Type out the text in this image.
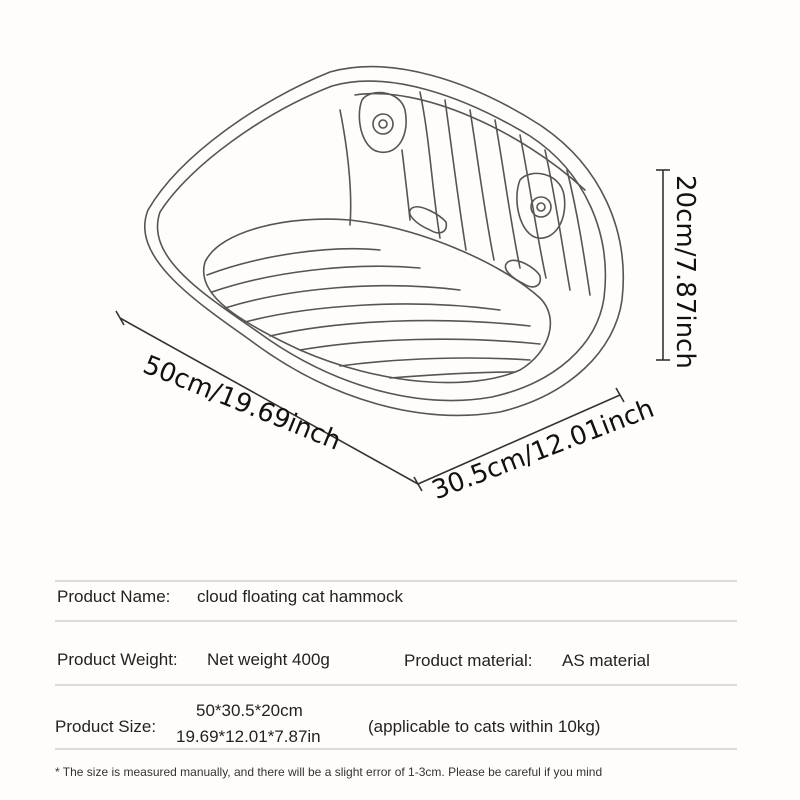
50cm/19.69inch	30.5cm/12.01inch
20cm/7.87inch
Product Name: cloud floating cat hammock
Product Weight: Net weight 400g	Product material: AS material
Product Size:
50*30.5*20cm
19.69*12.01*7.87in
(applicable to cats within 10kg)
* The size is measured manually, and there will be a slight error of 1-3cm. Please be careful if you mind
